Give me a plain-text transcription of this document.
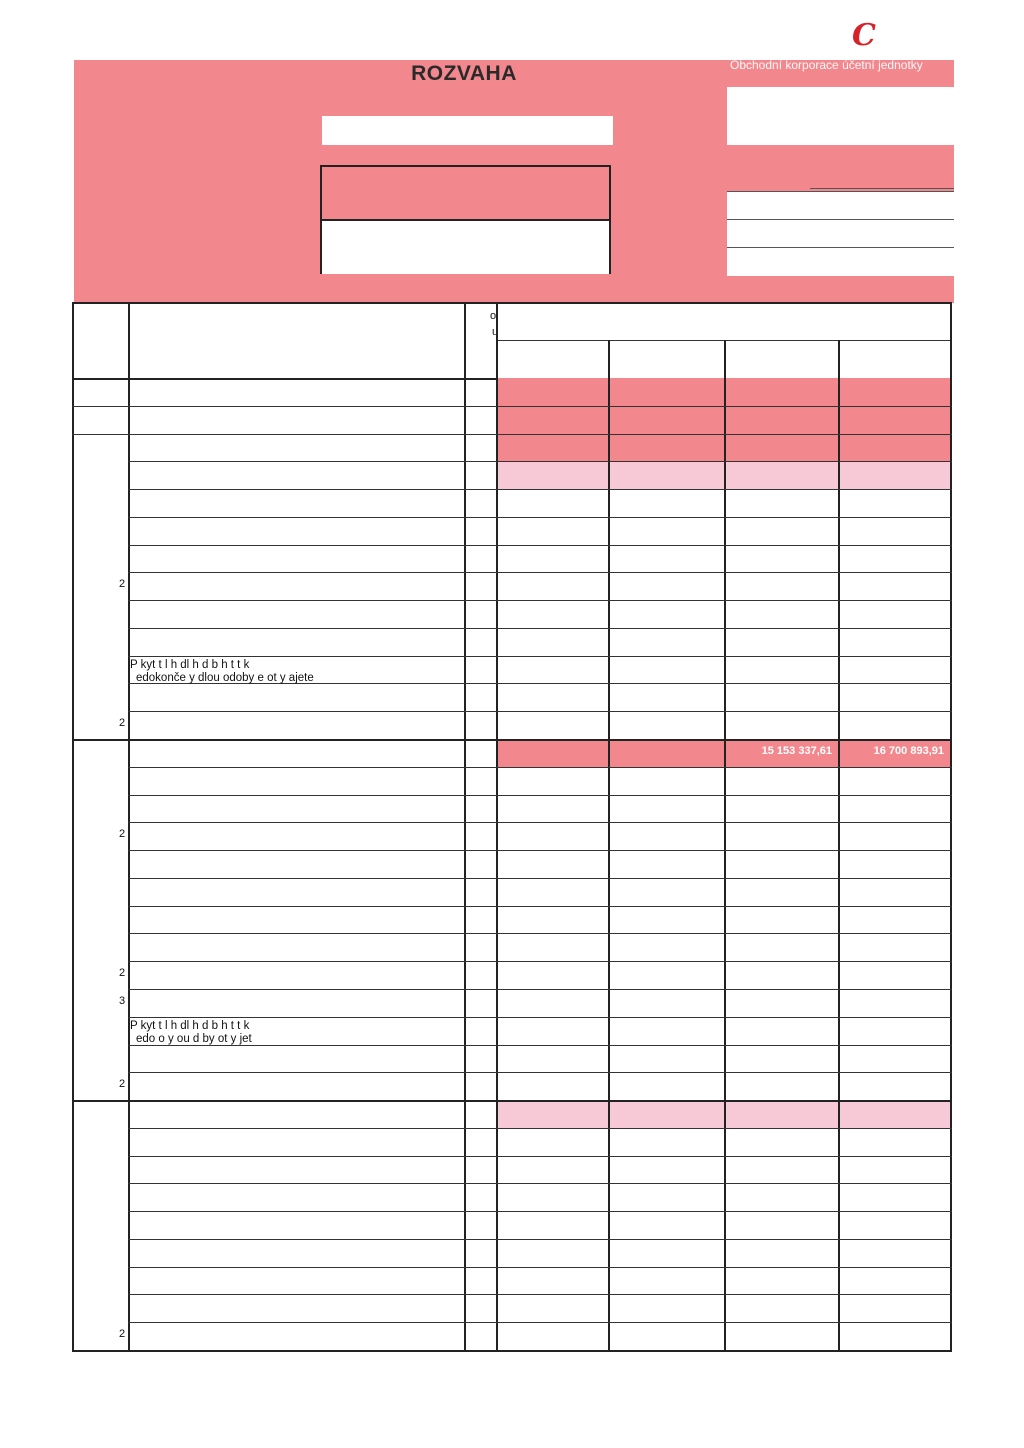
ROZVAHA
C
Obchodní korporace účetní jednotky
o
u
2
P kyt t l h dl h d b h t t k
edokonče y dlou odoby e ot y ajete
2
15 153 337,61	16 700 893,91
2
2
3
P kyt t l h dl h d b h t t k
edo o y ou d by ot y jet
2
2
